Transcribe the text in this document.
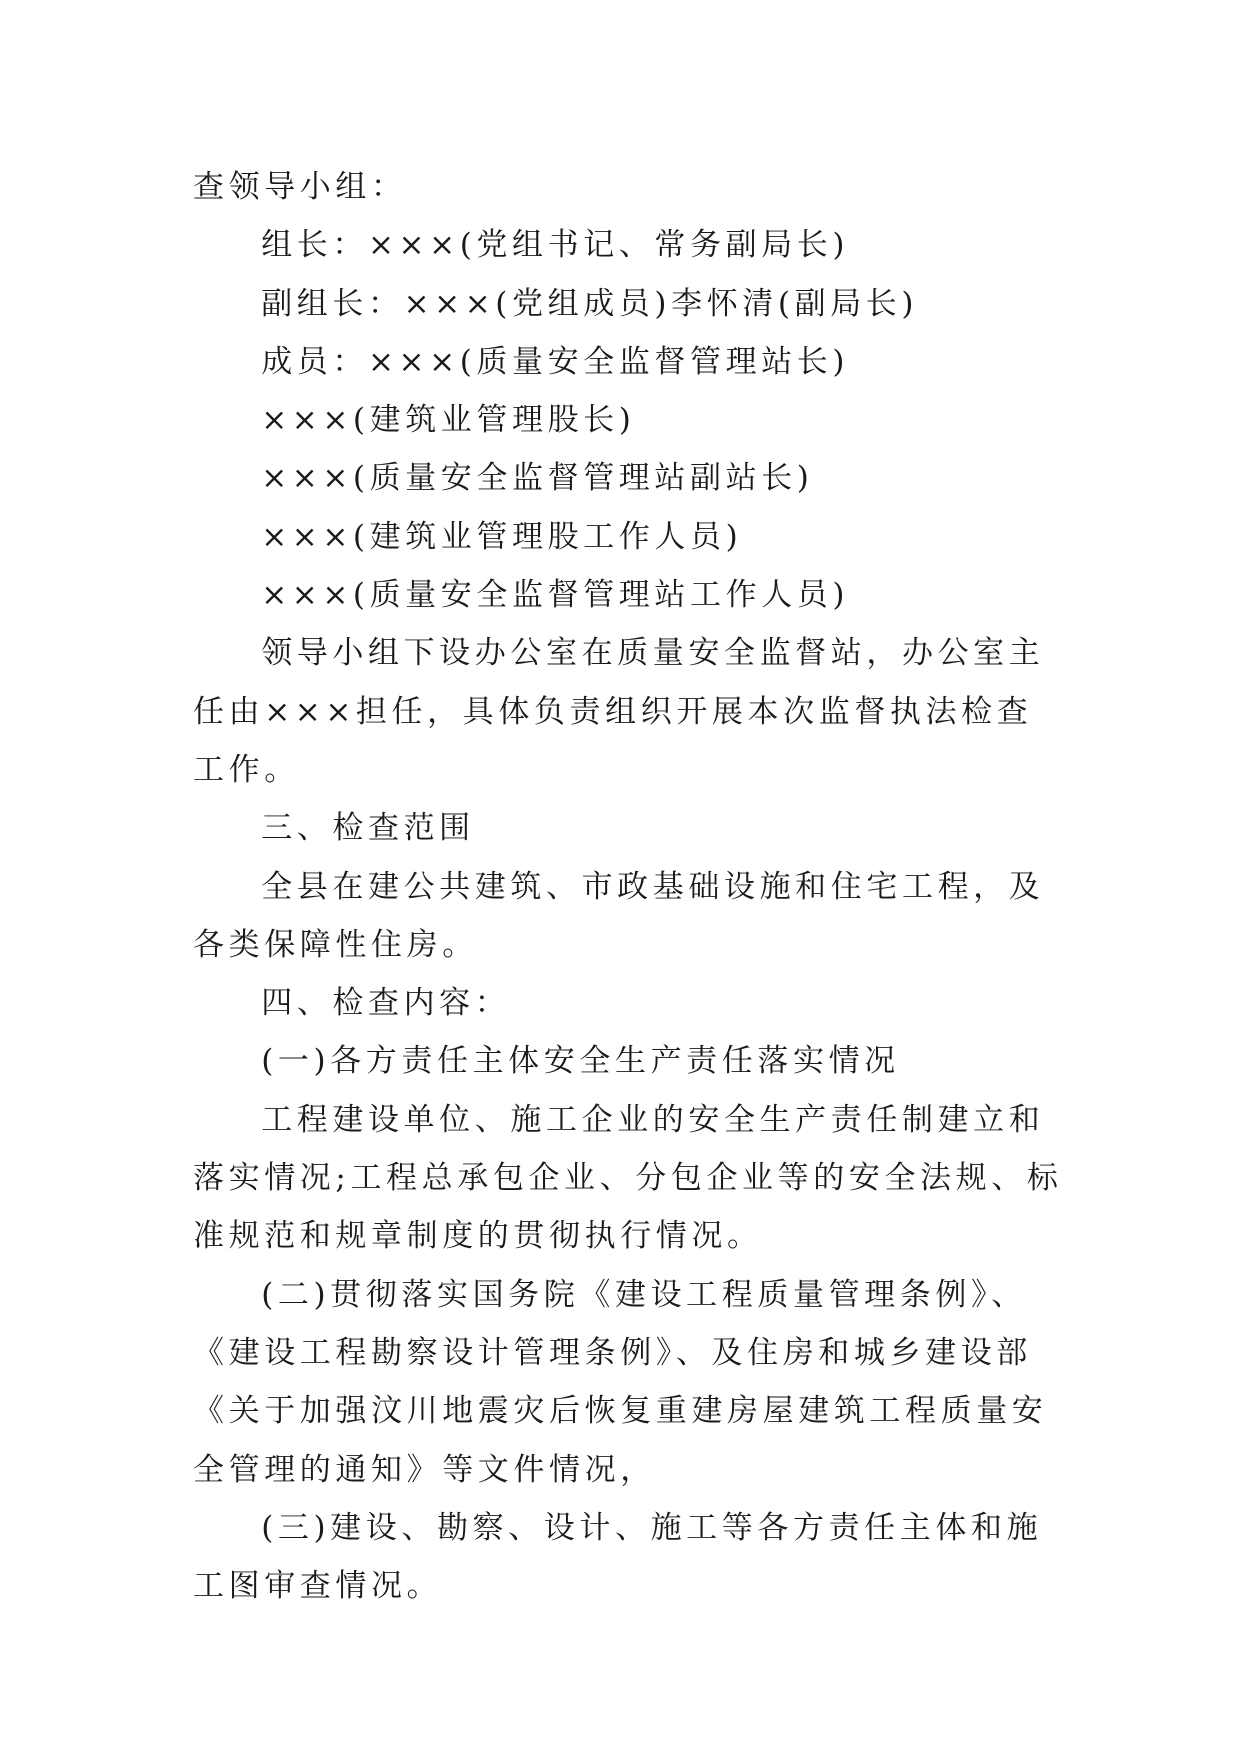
查领导小组：

组长：×××(党组书记、常务副局长)

副组长：×××(党组成员)李怀清(副局长)

成员：×××(质量安全监督管理站长)

×××(建筑业管理股长)

×××(质量安全监督管理站副站长)

×××(建筑业管理股工作人员)

×××(质量安全监督管理站工作人员)

领导小组下设办公室在质量安全监督站，办公室主任由×××担任，具体负责组织开展本次监督执法检查工作。

三、检查范围

全县在建公共建筑、市政基础设施和住宅工程，及各类保障性住房。

四、检查内容：

(一)各方责任主体安全生产责任落实情况

工程建设单位、施工企业的安全生产责任制建立和落实情况;工程总承包企业、分包企业等的安全法规、标准规范和规章制度的贯彻执行情况。

(二)贯彻落实国务院《建设工程质量管理条例》、《建设工程勘察设计管理条例》、及住房和城乡建设部《关于加强汶川地震灾后恢复重建房屋建筑工程质量安全管理的通知》等文件情况，

(三)建设、勘察、设计、施工等各方责任主体和施工图审查情况。
